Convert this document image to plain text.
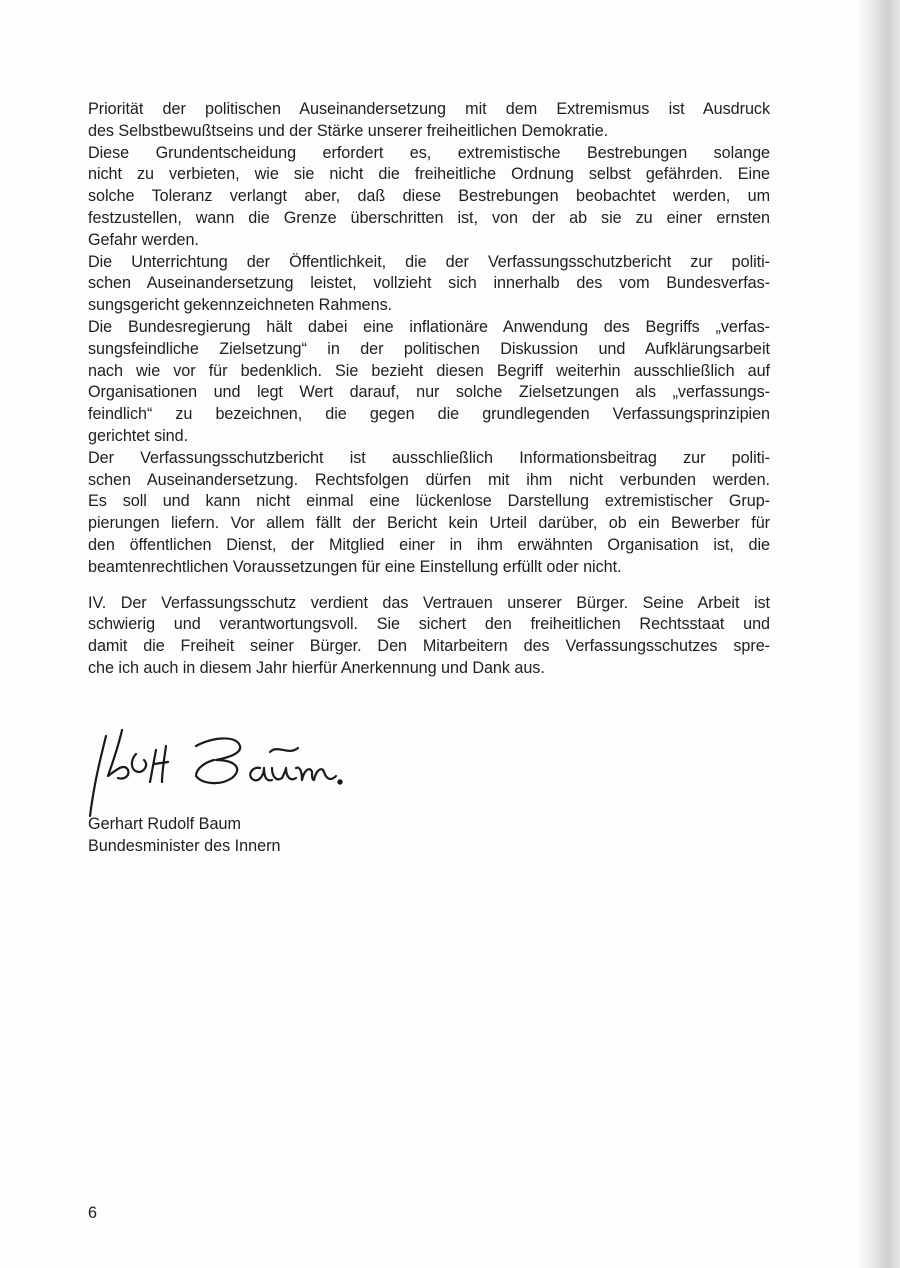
Priorität der politischen Auseinandersetzung mit dem Extremismus ist Ausdruck
des Selbstbewußtseins und der Stärke unserer freiheitlichen Demokratie.
Diese Grundentscheidung erfordert es, extremistische Bestrebungen solange
nicht zu verbieten, wie sie nicht die freiheitliche Ordnung selbst gefährden. Eine
solche Toleranz verlangt aber, daß diese Bestrebungen beobachtet werden, um
festzustellen, wann die Grenze überschritten ist, von der ab sie zu einer ernsten
Gefahr werden.
Die Unterrichtung der Öffentlichkeit, die der Verfassungsschutzbericht zur politi-
schen Auseinandersetzung leistet, vollzieht sich innerhalb des vom Bundesverfas-
sungsgericht gekennzeichneten Rahmens.
Die Bundesregierung hält dabei eine inflationäre Anwendung des Begriffs „verfas-
sungsfeindliche Zielsetzung“ in der politischen Diskussion und Aufklärungsarbeit
nach wie vor für bedenklich. Sie bezieht diesen Begriff weiterhin ausschließlich auf
Organisationen und legt Wert darauf, nur solche Zielsetzungen als „verfassungs-
feindlich“ zu bezeichnen, die gegen die grundlegenden Verfassungsprinzipien
gerichtet sind.
Der Verfassungsschutzbericht ist ausschließlich Informationsbeitrag zur politi-
schen Auseinandersetzung. Rechtsfolgen dürfen mit ihm nicht verbunden werden.
Es soll und kann nicht einmal eine lückenlose Darstellung extremistischer Grup-
pierungen liefern. Vor allem fällt der Bericht kein Urteil darüber, ob ein Bewerber für
den öffentlichen Dienst, der Mitglied einer in ihm erwähnten Organisation ist, die
beamtenrechtlichen Voraussetzungen für eine Einstellung erfüllt oder nicht.
IV. Der Verfassungsschutz verdient das Vertrauen unserer Bürger. Seine Arbeit ist
schwierig und verantwortungsvoll. Sie sichert den freiheitlichen Rechtsstaat und
damit die Freiheit seiner Bürger. Den Mitarbeitern des Verfassungsschutzes spre-
che ich auch in diesem Jahr hierfür Anerkennung und Dank aus.
Gerhart Rudolf Baum
Bundesminister des Innern
6
